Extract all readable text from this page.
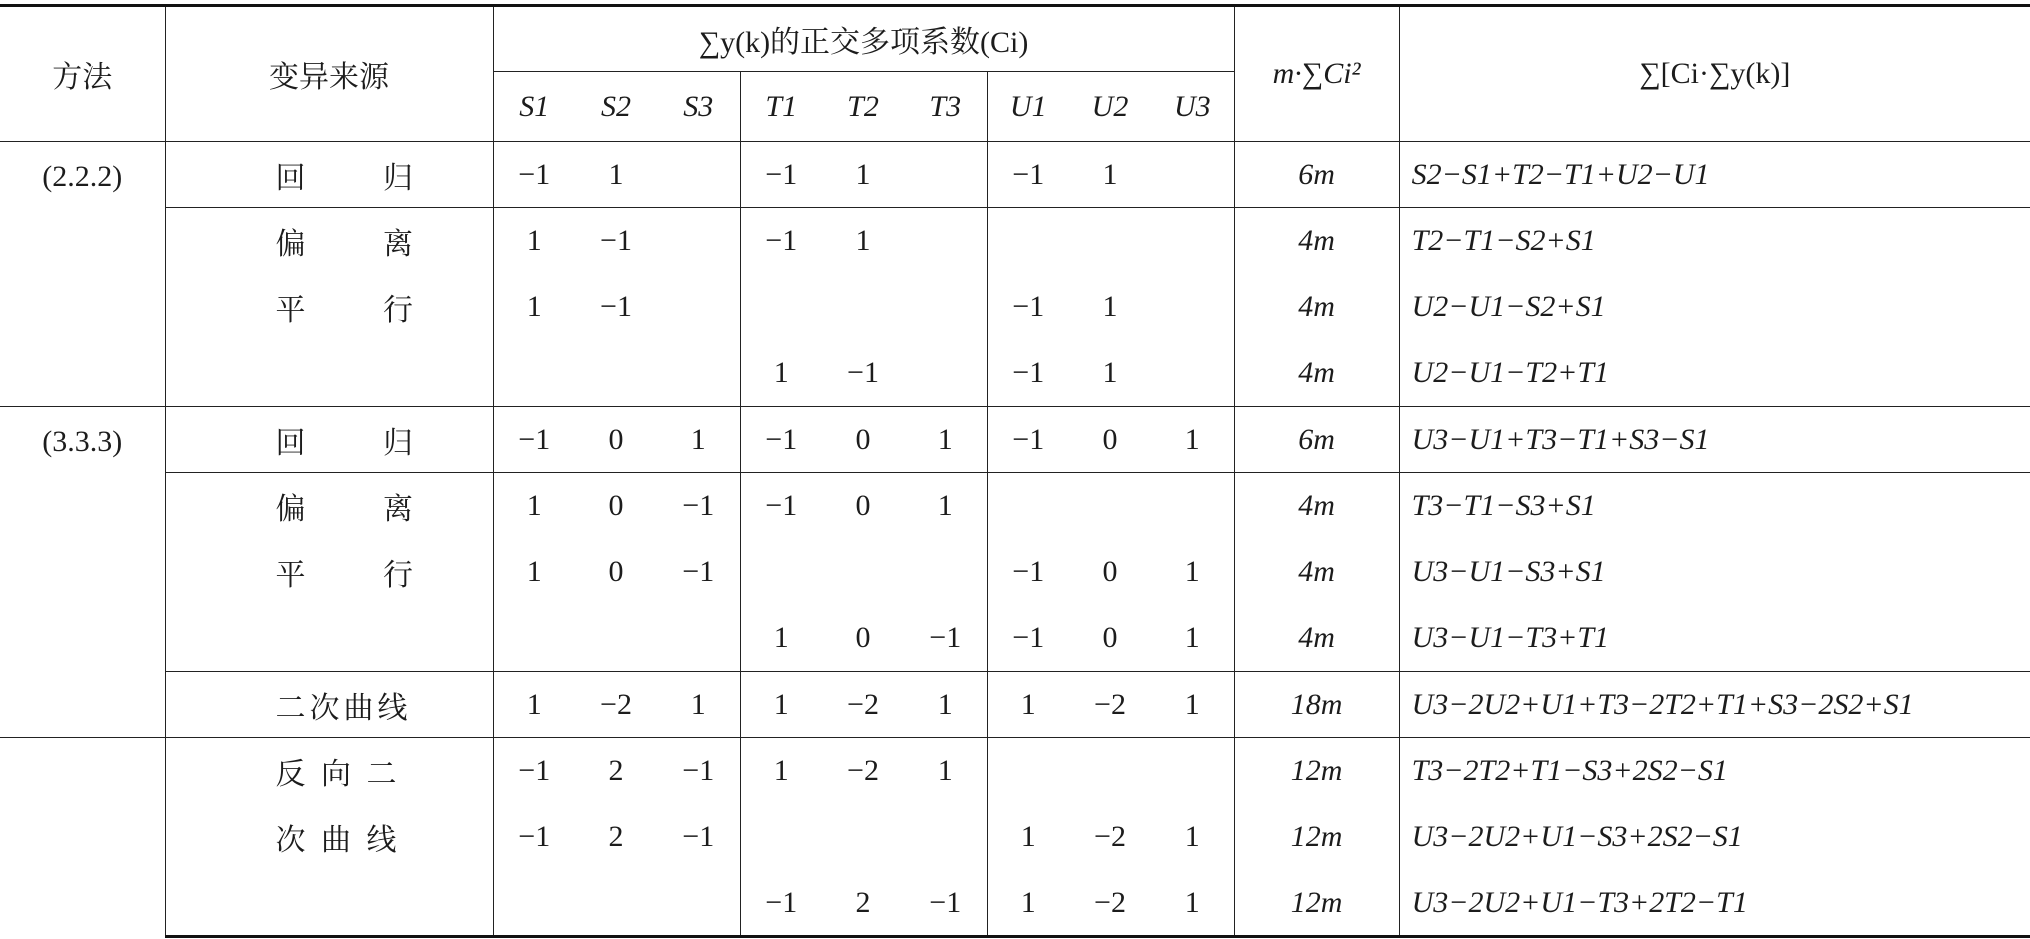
方法	变异来源	∑y(k)的正交多项系数(Ci)									m·∑Ci²	∑[Ci·∑y(k)]
		S1	S2	S3	T1	T2	T3	U1	U2	U3		
(2.2.2)	回 归	−1	1		−1	1		−1	1		6m	S2−S1+T2−T1+U2−U1
	偏 离	1	−1		−1	1					4m	T2−T1−S2+S1
	平 行	1	−1					−1	1		4m	U2−U1−S2+S1
					1	−1		−1	1		4m	U2−U1−T2+T1
(3.3.3)	回 归	−1	0	1	−1	0	1	−1	0	1	6m	U3−U1+T3−T1+S3−S1
	偏 离	1	0	−1	−1	0	1				4m	T3−T1−S3+S1
	平 行	1	0	−1				−1	0	1	4m	U3−U1−S3+S1
					1	0	−1	−1	0	1	4m	U3−U1−T3+T1
	二次曲线	1	−2	1	1	−2	1	1	−2	1	18m	U3−2U2+U1+T3−2T2+T1+S3−2S2+S1
	反 向 二	−1	2	−1	1	−2	1				12m	T3−2T2+T1−S3+2S2−S1
	次 曲 线	−1	2	−1				1	−2	1	12m	U3−2U2+U1−S3+2S2−S1
					−1	2	−1	1	−2	1	12m	U3−2U2+U1−T3+2T2−T1
